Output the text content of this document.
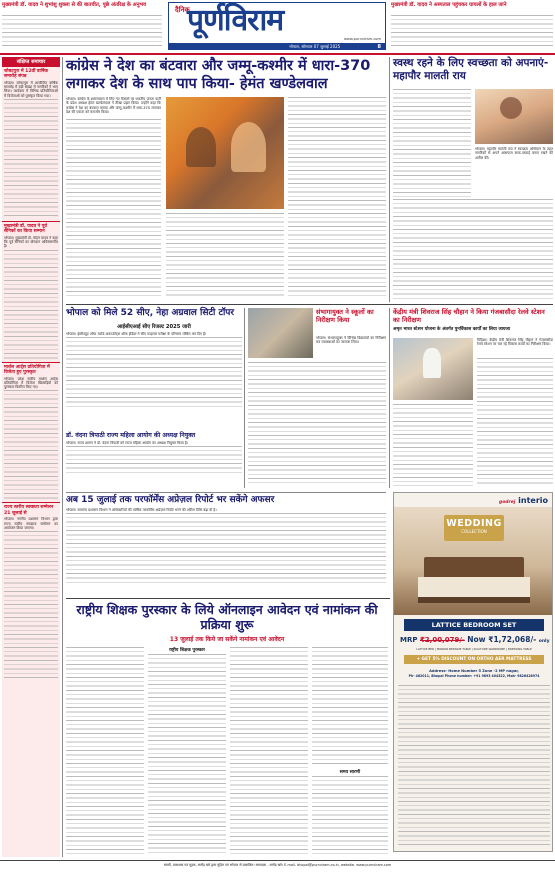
मुख्यमंत्री डॉ. यादव ने शुभांशु शुक्ला से की बातचीत, पूछे अंतरिक्ष के अनुभव
दैनिक
पूर्णविराम
www.purnviram.com
भोपाल, सोमवार 07 जुलाई 2025	8
मुख्यमंत्री डॉ. यादव ने अस्पताल पहुंचकर घायलों के हाल जाने
संक्षिप्त समाचार
जोबटपुरा में 12वीं वार्षिक समारोह संपन्न
भोपाल। जोबटपुरा में आयोजित वार्षिक समारोह में बड़ी संख्या में नागरिकों ने भाग लिया। कार्यक्रम में विभिन्न प्रतियोगिताओं में विजेताओं को पुरस्कृत किया गया।
मुख्यमंत्री डॉ. यादव ने पूर्व सैनिकों का किया सम्मान
भोपाल। मुख्यमंत्री डॉ. मोहन यादव ने कहा कि पूर्व सैनिकों का योगदान अविस्मरणीय है।
मार्शल आर्ट्स प्रतियोगिता में विजेता हुए पुरस्कृत
भोपाल। प्रदेश स्तरीय मार्शल आर्ट्स प्रतियोगिता में विजेता खिलाड़ियों को पुरस्कार वितरित किए गए।
राज्य स्तरीय स्वच्छता सम्मेलन 21 जुलाई से
भोपाल। नगरीय प्रशासन विभाग द्वारा राज्य स्तरीय स्वच्छता सम्मेलन का आयोजन किया जाएगा।
कांग्रेस ने देश का बंटवारा और जम्मू-कश्मीर में धारा-370 लगाकर देश के साथ पाप किया- हेमंत खण्डेलवाल
भोपाल। कांग्रेस के शासनकाल में लिए गए फैसलों पर भारतीय जनता पार्टी के प्रदेश अध्यक्ष हेमंत खण्डेलवाल ने तीखा प्रहार किया। उन्होंने कहा कि कांग्रेस ने देश का बंटवारा कराया और जम्मू-कश्मीर में धारा-370 लगाकर देश की एकता को कमजोर किया।
स्वस्थ रहने के लिए स्वच्छता को अपनाएं-महापौर मालती राय
भोपाल। महापौर मालती राय ने स्वच्छता अभियान के तहत नागरिकों से अपने आसपास साफ-सफाई बनाए रखने की अपील की।
भोपाल को मिले 52 सीए, नेहा अग्रवाल सिटी टॉपर
आईसीएआई सीए रिजल्ट 2025 जारी
भोपाल। इंस्टीट्यूट ऑफ चार्टर्ड अकाउंटेंट्स ऑफ इंडिया ने सीए फाइनल परीक्षा के परिणाम घोषित कर दिए हैं।
संभागायुक्त ने स्कूलों का निरीक्षण किया
भोपाल। संभागायुक्त ने विभिन्न विद्यालयों का निरीक्षण कर व्यवस्थाओं का जायजा लिया।
केंद्रीय मंत्री शिवराज सिंह चौहान ने किया गंजबासौदा रेलवे स्टेशन का निरीक्षण
अमृत भारत स्टेशन योजना के अंतर्गत पुनर्विकास कार्यों का लिया जायजा
विदिशा। केंद्रीय मंत्री शिवराज सिंह चौहान ने गंजबासौदा रेलवे स्टेशन पर चल रहे विकास कार्यों का निरीक्षण किया।
डॉ. वंदना त्रिपाठी राज्य महिला आयोग की अध्यक्ष नियुक्त
भोपाल। राज्य शासन ने डॉ. वंदना त्रिपाठी को राज्य महिला आयोग का अध्यक्ष नियुक्त किया है।
अब 15 जुलाई तक परफॉर्मेंस अप्रेज़ल रिपोर्ट भर सकेंगे अफसर
भोपाल। सामान्य प्रशासन विभाग ने अधिकारियों की वार्षिक परफॉर्मेंस अप्रेज़ल रिपोर्ट भरने की अंतिम तिथि बढ़ा दी है।
godrej interio
WEDDING
COLLECTION
LATTICE BEDROOM SET
MRP ₹2,00,079/- Now ₹1,72,068/- only
LATTICE BED | MIRROR BEDSIDE TABLE | SOLITUDE WARDROBE | DRESSING TABLE
+ GET 5% DISCOUNT ON ORTHO AER MATTRESS
Address- Home Number 5 Zone -2 MP nagar,
Ph- 462011, Bhopal Phone number: +91 9893 404322, Mob- 9826428974
राष्ट्रीय शिक्षक पुरस्कार के लिये ऑनलाइन आवेदन एवं नामांकन की प्रक्रिया शुरू
13 जुलाई तक किये जा सकेंगे नामांकन एवं आवेदन
राष्ट्रीय शिक्षक पुरस्कार
समय सारणी
स्वामी, प्रकाशक एवं मुद्रक, सत्येंद्र खरे द्वारा मुद्रित एवं भोपाल से प्रकाशित। सम्पादक - सत्येंद्र खरे। E-mail- bhopal@purnviram.co.in, website- www.purnviram.com
